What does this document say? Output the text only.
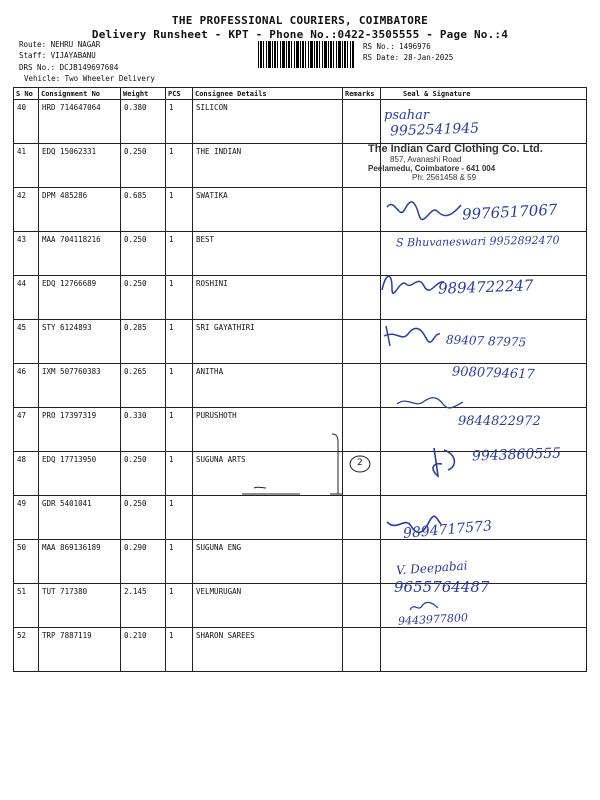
THE PROFESSIONAL COURIERS, COIMBATORE
Delivery Runsheet - KPT - Phone No.:0422-3505555 - Page No.:4
Route: NEHRU NAGAR
Staff: VIJAYABANU
DRS No.: DCJB149697604
Vehicle: Two Wheeler Delivery
RS No.: 1496976
RS Date: 28-Jan-2025
S No	Consignment No	Weight	PCS	Consignee Details	Remarks	Seal & Signature
40	HRD 714647064	0.380	1	SILICON		
41	EDQ 15062331	0.250	1	THE INDIAN		
42	DPM 485286	0.685	1	SWATIKA		
43	MAA 704118216	0.250	1	BEST		
44	EDQ 12766689	0.250	1	ROSHINI		
45	STY 6124893	0.285	1	SRI GAYATHIRI		
46	IXM 507760383	0.265	1	ANITHA		
47	PRO 17397319	0.330	1	PURUSHOTH		
48	EDQ 17713950	0.250	1	SUGUNA ARTS		
49	GDR 5401041	0.250	1			
50	MAA 869136189	0.290	1	SUGUNA ENG		
51	TUT 717380	2.145	1	VELMURUGAN		
52	TRP 7887119	0.210	1	SHARON SAREES		
psahar
9952541945
The Indian Card Clothing Co. Ltd.
857, Avanashi Road
Peelamedu, Coimbatore - 641 004
Ph: 2561458 & 59
9976517067
S Bhuvaneswari 9952892470
9894722247
89407 87975
9080794617
9844822972
9943860555
2
9894717573
V. Deepabai
9655764487
9443977800
